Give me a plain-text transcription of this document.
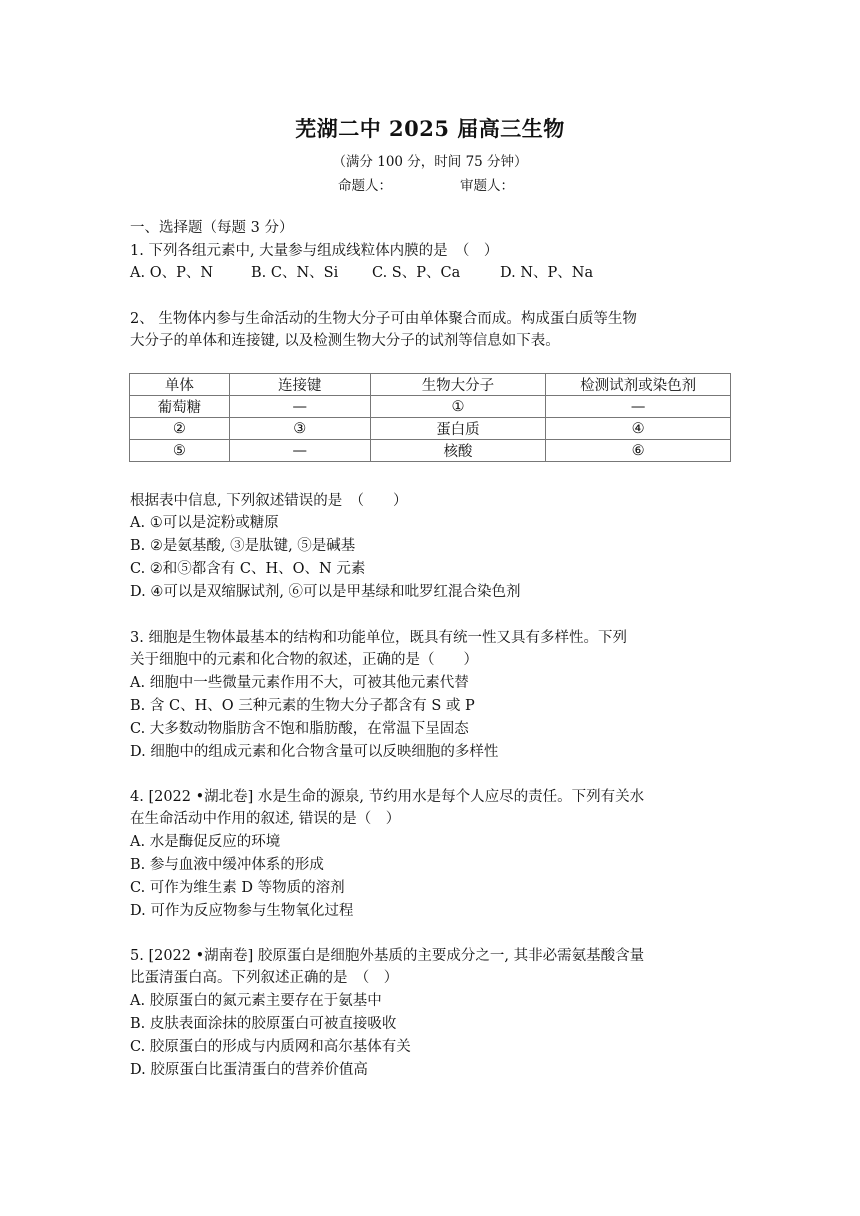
芜湖二中 2025 届高三生物
（满分 100 分，时间 75 分钟）
命题人：	审题人：
一、选择题（每题 3 分）
1. 下列各组元素中, 大量参与组成线粒体内膜的是　（　）
A. O、P、N	B. C、N、Si C. S、P、Ca	D. N、P、Na
2、 生物体内参与生命活动的生物大分子可由单体聚合而成。构成蛋白质等生物
大分子的单体和连接键, 以及检测生物大分子的试剂等信息如下表。
单体	连接键	生物大分子	检测试剂或染色剂
葡萄糖	—	①	—
②	③	蛋白质	④
⑤	—	核酸	⑥
根据表中信息, 下列叙述错误的是　（　　）
A. ①可以是淀粉或糖原
B. ②是氨基酸, ③是肽键, ⑤是碱基
C. ②和⑤都含有 C、H、O、N 元素
D. ④可以是双缩脲试剂, ⑥可以是甲基绿和吡罗红混合染色剂
3. 细胞是生物体最基本的结构和功能单位，既具有统一性又具有多样性。下列
关于细胞中的元素和化合物的叙述，正确的是（　　）
A. 细胞中一些微量元素作用不大，可被其他元素代替
B. 含 C、H、O 三种元素的生物大分子都含有 S 或 P
C. 大多数动物脂肪含不饱和脂肪酸，在常温下呈固态
D. 细胞中的组成元素和化合物含量可以反映细胞的多样性
4. [2022 •湖北卷] 水是生命的源泉, 节约用水是每个人应尽的责任。下列有关水
在生命活动中作用的叙述, 错误的是（　）
A. 水是酶促反应的环境
B. 参与血液中缓冲体系的形成
C. 可作为维生素 D 等物质的溶剂
D. 可作为反应物参与生物氧化过程
5. [2022 •湖南卷] 胶原蛋白是细胞外基质的主要成分之一, 其非必需氨基酸含量
比蛋清蛋白高。下列叙述正确的是　（　）
A. 胶原蛋白的氮元素主要存在于氨基中
B. 皮肤表面涂抹的胶原蛋白可被直接吸收
C. 胶原蛋白的形成与内质网和高尔基体有关
D. 胶原蛋白比蛋清蛋白的营养价值高
